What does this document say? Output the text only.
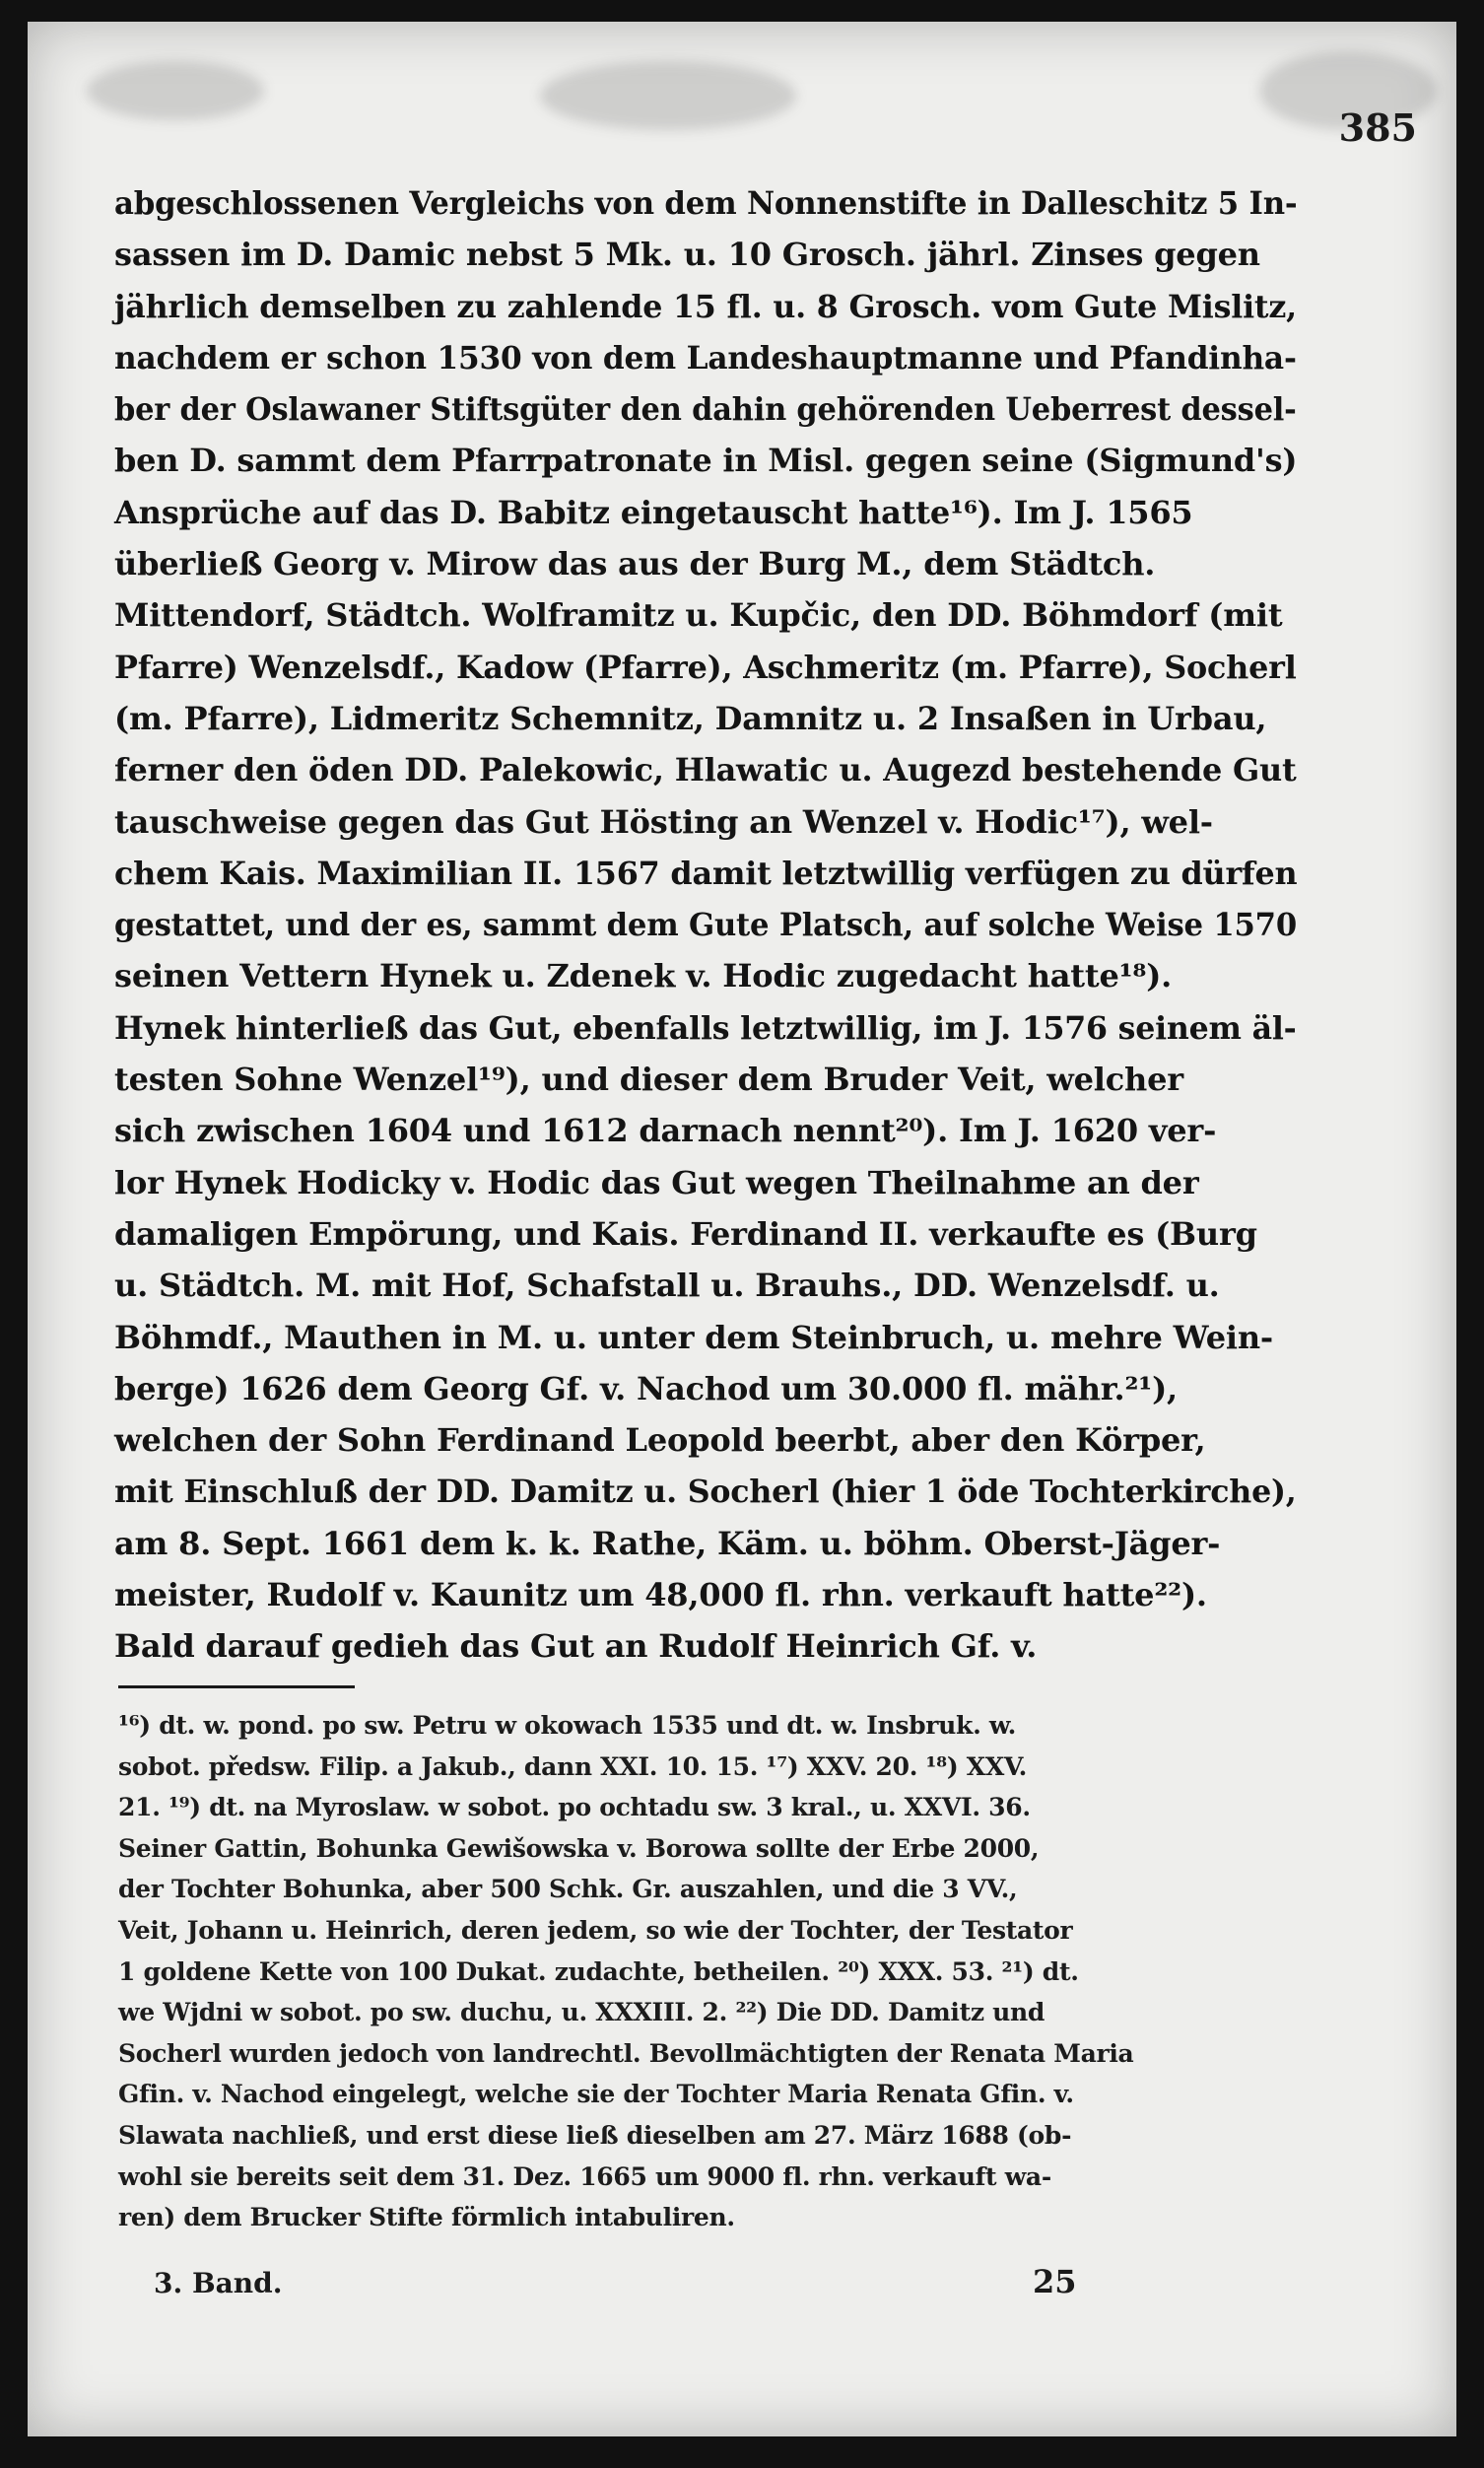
385
abgeschlossenen Vergleichs von dem Nonnenstifte in Dalleschitz 5 In-
sassen im D. Damic nebst 5 Mk. u. 10 Grosch. jährl. Zinses gegen
jährlich demselben zu zahlende 15 fl. u. 8 Grosch. vom Gute Mislitz,
nachdem er schon 1530 von dem Landeshauptmanne und Pfandinha-
ber der Oslawaner Stiftsgüter den dahin gehörenden Ueberrest dessel-
ben D. sammt dem Pfarrpatronate in Misl. gegen seine (Sigmund's)
Ansprüche auf das D. Babitz eingetauscht hatte¹⁶). Im J. 1565
überließ Georg v. Mirow das aus der Burg M., dem Städtch.
Mittendorf, Städtch. Wolframitz u. Kupčic, den DD. Böhmdorf (mit
Pfarre) Wenzelsdf., Kadow (Pfarre), Aschmeritz (m. Pfarre), Socherl
(m. Pfarre), Lidmeritz Schemnitz, Damnitz u. 2 Insaßen in Urbau,
ferner den öden DD. Palekowic, Hlawatic u. Augezd bestehende Gut
tauschweise gegen das Gut Hösting an Wenzel v. Hodic¹⁷), wel-
chem Kais. Maximilian II. 1567 damit letztwillig verfügen zu dürfen
gestattet, und der es, sammt dem Gute Platsch, auf solche Weise 1570
seinen Vettern Hynek u. Zdenek v. Hodic zugedacht hatte¹⁸).
Hynek hinterließ das Gut, ebenfalls letztwillig, im J. 1576 seinem äl-
testen Sohne Wenzel¹⁹), und dieser dem Bruder Veit, welcher
sich zwischen 1604 und 1612 darnach nennt²⁰). Im J. 1620 ver-
lor Hynek Hodicky v. Hodic das Gut wegen Theilnahme an der
damaligen Empörung, und Kais. Ferdinand II. verkaufte es (Burg
u. Städtch. M. mit Hof, Schafstall u. Brauhs., DD. Wenzelsdf. u.
Böhmdf., Mauthen in M. u. unter dem Steinbruch, u. mehre Wein-
berge) 1626 dem Georg Gf. v. Nachod um 30.000 fl. mähr.²¹),
welchen der Sohn Ferdinand Leopold beerbt, aber den Körper,
mit Einschluß der DD. Damitz u. Socherl (hier 1 öde Tochterkirche),
am 8. Sept. 1661 dem k. k. Rathe, Käm. u. böhm. Oberst-Jäger-
meister, Rudolf v. Kaunitz um 48,000 fl. rhn. verkauft hatte²²).
Bald darauf gedieh das Gut an Rudolf Heinrich Gf. v.
¹⁶) dt. w. pond. po sw. Petru w okowach 1535 und dt. w. Insbruk. w.
sobot. předsw. Filip. a Jakub., dann XXI. 10. 15. ¹⁷) XXV. 20. ¹⁸) XXV.
21. ¹⁹) dt. na Myroslaw. w sobot. po ochtadu sw. 3 kral., u. XXVI. 36.
Seiner Gattin, Bohunka Gewišowska v. Borowa sollte der Erbe 2000,
der Tochter Bohunka, aber 500 Schk. Gr. auszahlen, und die 3 VV.,
Veit, Johann u. Heinrich, deren jedem, so wie der Tochter, der Testator
1 goldene Kette von 100 Dukat. zudachte, betheilen. ²⁰) XXX. 53. ²¹) dt.
we Wjdni w sobot. po sw. duchu, u. XXXIII. 2. ²²) Die DD. Damitz und
Socherl wurden jedoch von landrechtl. Bevollmächtigten der Renata Maria
Gfin. v. Nachod eingelegt, welche sie der Tochter Maria Renata Gfin. v.
Slawata nachließ, und erst diese ließ dieselben am 27. März 1688 (ob-
wohl sie bereits seit dem 31. Dez. 1665 um 9000 fl. rhn. verkauft wa-
ren) dem Brucker Stifte förmlich intabuliren.
3. Band.	25
